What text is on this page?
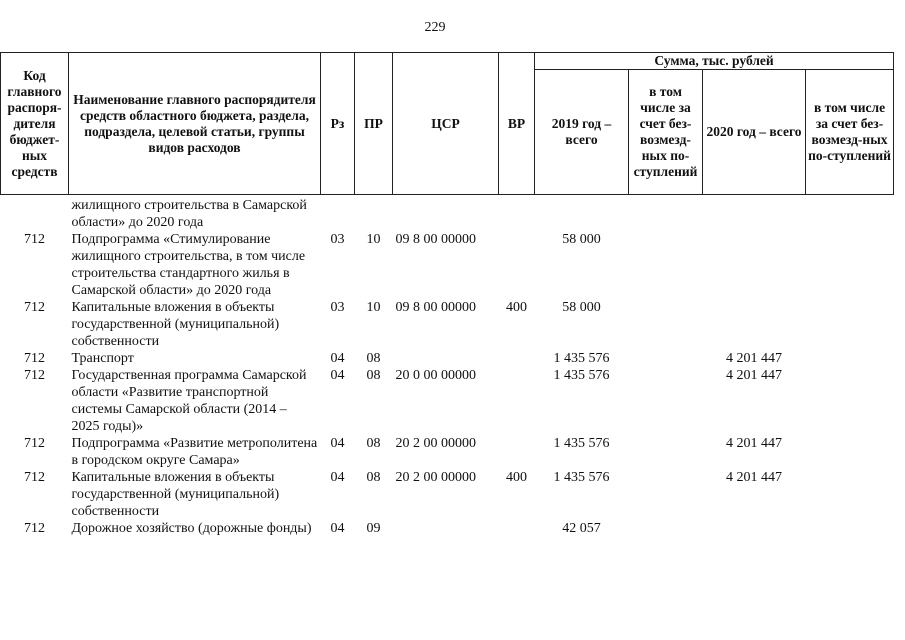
229
Код главного распоря-дителя бюджет-ных средств	Наименование главного распорядителя средств областного бюджета, раздела, подраздела, целевой статьи, группы видов расходов	Рз	ПР	ЦСР	ВР	Сумма, тыс. рублей			
						2019 год – всего	в том числе за счет без-возмезд-ных по-ступлений	2020 год – всего	в том числе за счет без-возмезд-ных по-ступлений
	жилищного строительства в Самарской области» до 2020 года								
712	Подпрограмма «Стимулирование жилищного строительства, в том числе строительства стандартного жилья в Самарской области» до 2020 года	03	10	09 8 00 00000		58 000			
712	Капитальные вложения в объекты государственной (муниципальной) собственности	03	10	09 8 00 00000	400	58 000			
712	Транспорт	04	08			1 435 576		4 201 447	
712	Государственная программа Самарской области «Развитие транспортной системы Самарской области (2014 – 2025 годы)»	04	08	20 0 00 00000		1 435 576		4 201 447	
712	Подпрограмма «Развитие метрополитена в городском округе Самара»	04	08	20 2 00 00000		1 435 576		4 201 447	
712	Капитальные вложения в объекты государственной (муниципальной) собственности	04	08	20 2 00 00000	400	1 435 576		4 201 447	
712	Дорожное хозяйство (дорожные фонды)	04	09			42 057			
